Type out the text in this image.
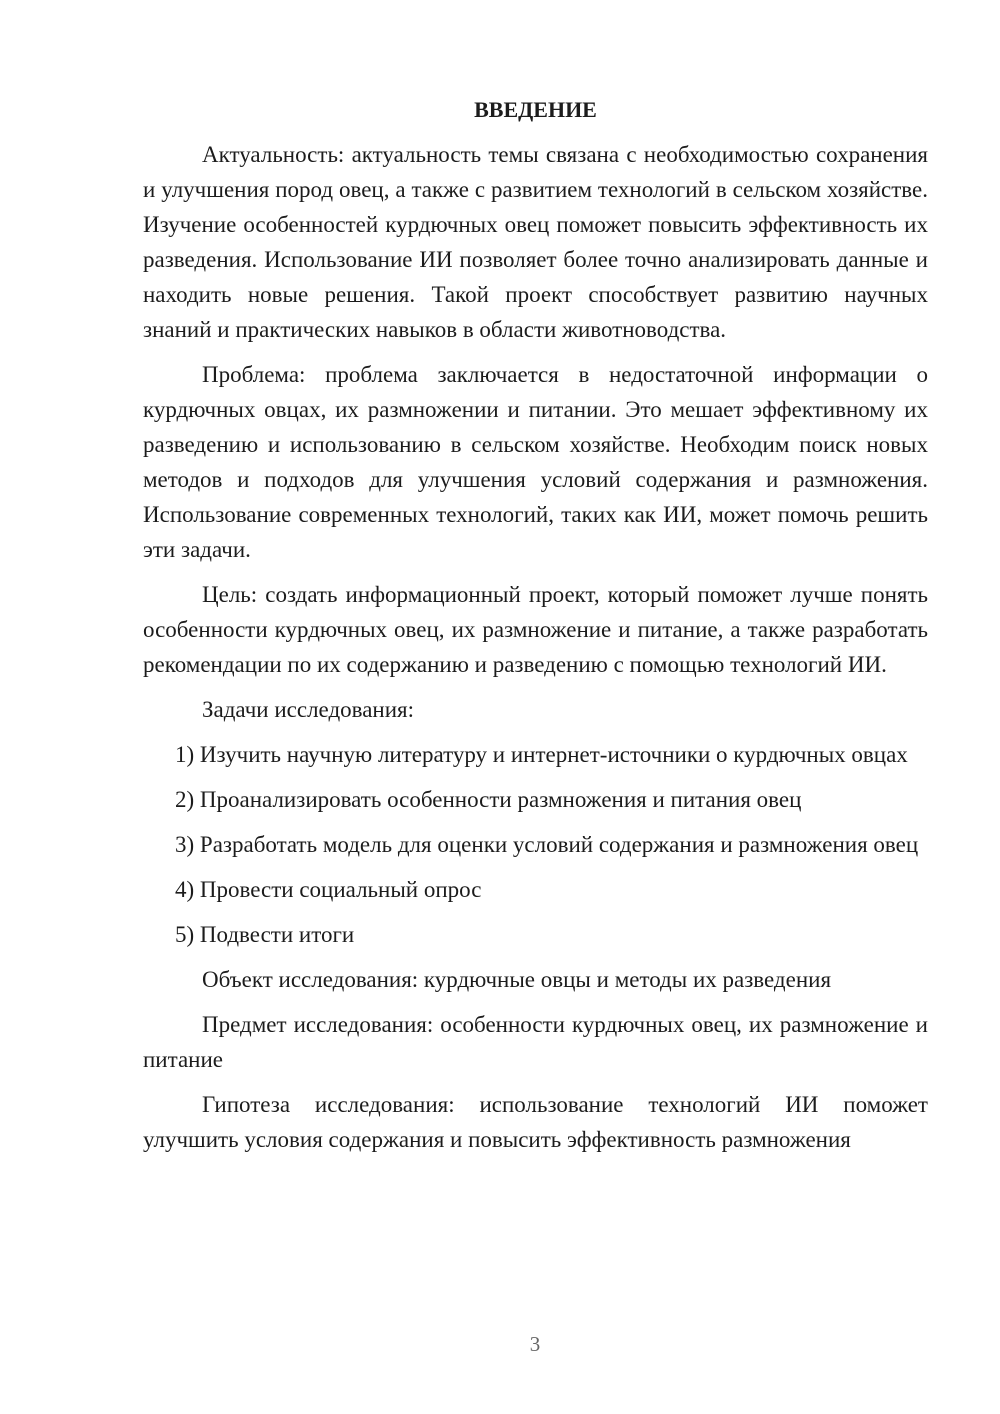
ВВЕДЕНИЕ

Актуальность: актуальность темы связана с необходимостью сохранения и улучшения пород овец, а также с развитием технологий в сельском хозяйстве. Изучение особенностей курдючных овец поможет повысить эффективность их разведения. Использование ИИ позволяет более точно анализировать данные и находить новые решения. Такой проект способствует развитию научных знаний и практических навыков в области животноводства.

Проблема: проблема заключается в недостаточной информации о курдючных овцах, их размножении и питании. Это мешает эффективному их разведению и использованию в сельском хозяйстве. Необходим поиск новых методов и подходов для улучшения условий содержания и размножения. Использование современных технологий, таких как ИИ, может помочь решить эти задачи.

Цель: создать информационный проект, который поможет лучше понять особенности курдючных овец, их размножение и питание, а также разработать рекомендации по их содержанию и разведению с помощью технологий ИИ.

Задачи исследования:

1) Изучить научную литературу и интернет-источники о курдючных овцах

2) Проанализировать особенности размножения и питания овец

3) Разработать модель для оценки условий содержания и размножения овец

4) Провести социальный опрос

5) Подвести итоги

Объект исследования: курдючные овцы и методы их разведения

Предмет исследования: особенности курдючных овец, их размножение и питание

Гипотеза исследования: использование технологий ИИ поможет улучшить условия содержания и повысить эффективность размножения

3
